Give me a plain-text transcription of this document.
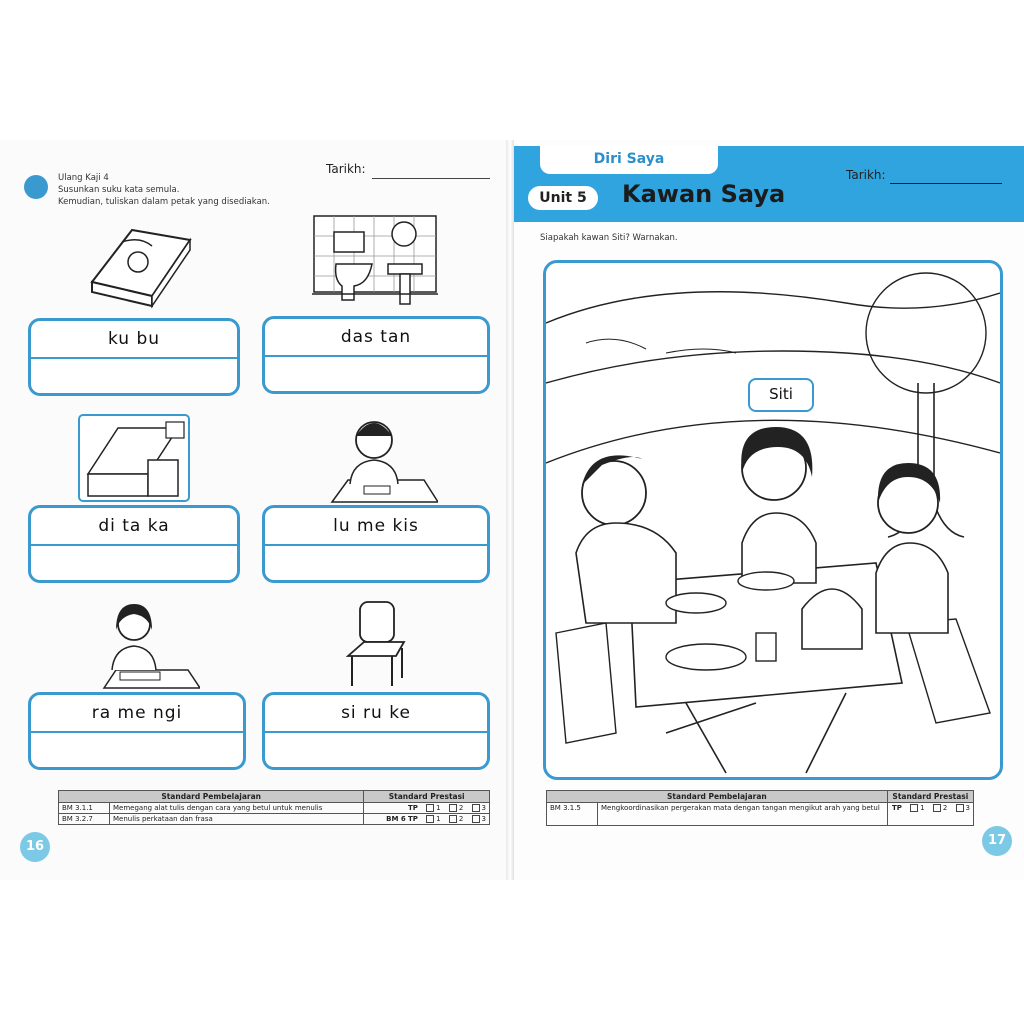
Ulang Kaji 4
Susunkan suku kata semula.
Kemudian, tuliskan dalam petak yang disediakan.
Tarikh:
ku bu	das tan
di ta ka	lu me kis
ra me ngi	si ru ke
Standard Pembelajaran		Standard Prestasi
BM 3.1.1	Memegang alat tulis dengan cara yang betul untuk menulis	TP 1 2 3
BM 3.2.7	Menulis perkataan dan frasa	BM 6 TP 1 2 3
16
Diri Saya
Unit 5	Kawan Saya
Tarikh:
Siapakah kawan Siti? Warnakan.
Siti
Standard Pembelajaran		Standard Prestasi
BM 3.1.5	Mengkoordinasikan pergerakan mata dengan tangan mengikut arah yang betul	TP 1 2 3
17
